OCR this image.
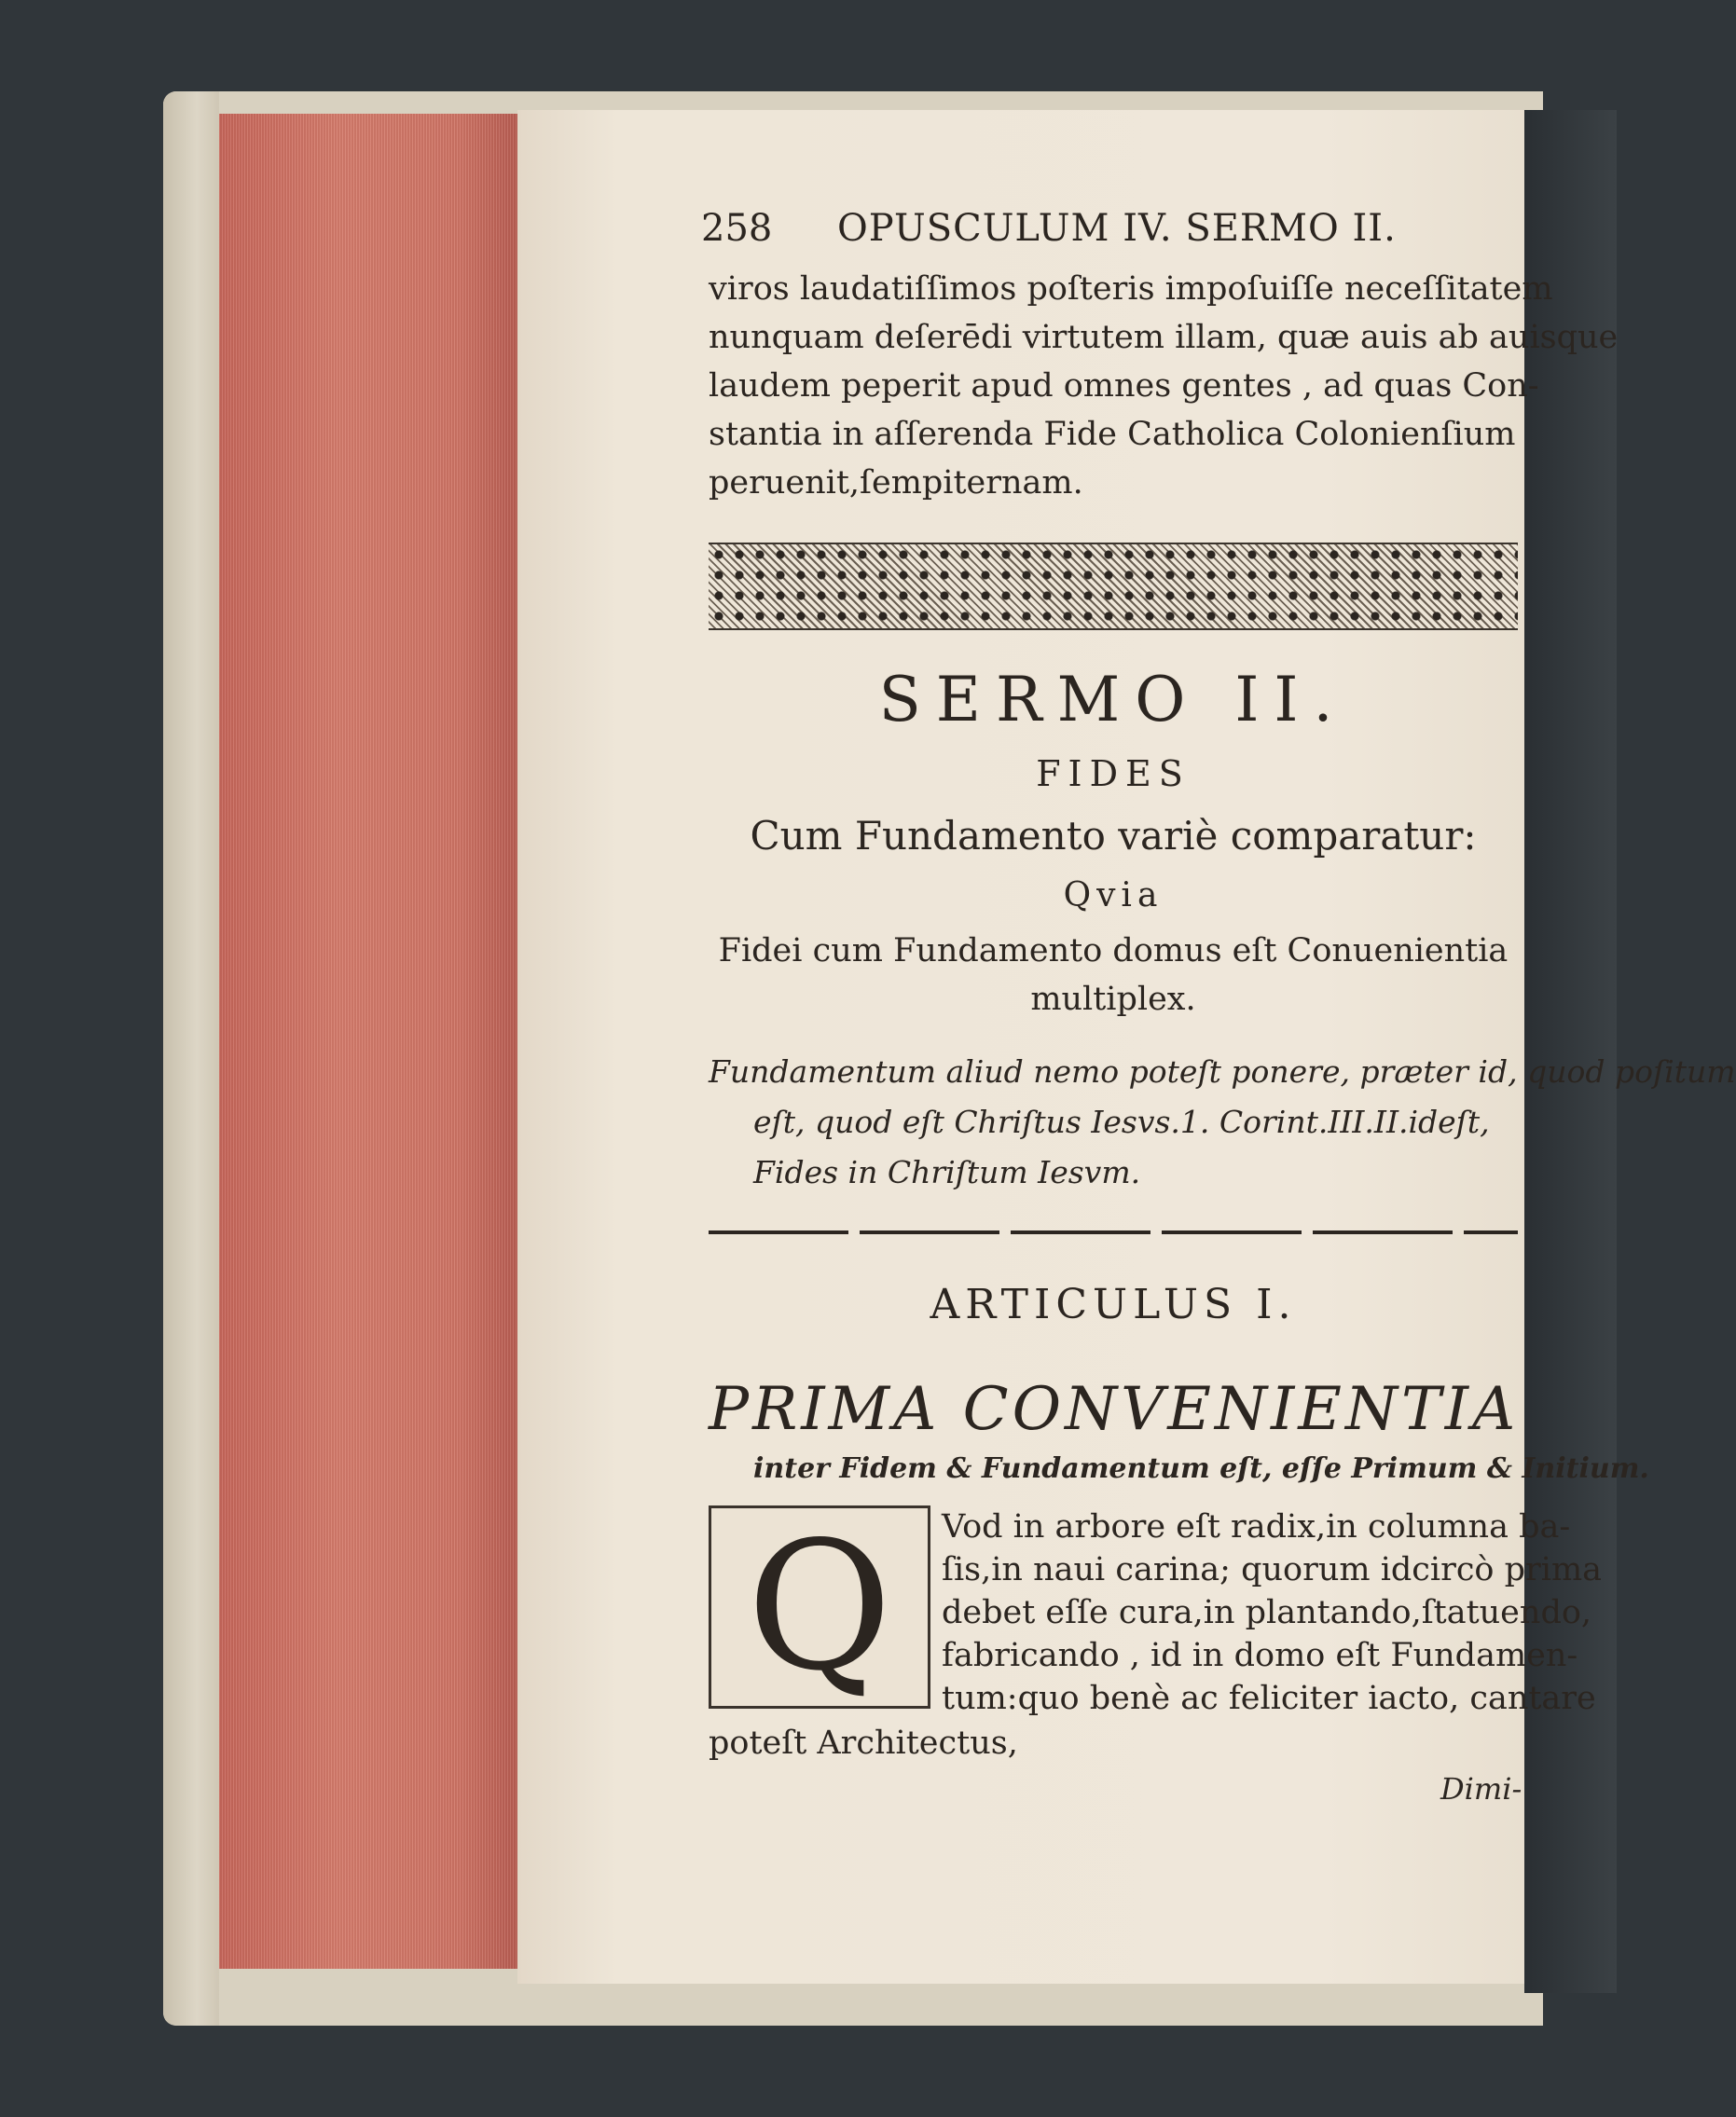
258 OPUSCULUM IV. SERMO II.
viros laudatiſſimos poſteris impoſuiſſe neceſſitatem
nunquam deſerēdi virtutem illam, quæ auis ab auisque
laudem peperit apud omnes gentes , ad quas Con-
stantia in aſſerenda Fide Catholica Colonienſium
peruenit,ſempiternam.
SERMO II.
FIDES
Cum Fundamento variè comparatur:
Qvia
Fidei cum Fundamento domus eſt Conuenientia
multiplex.
Fundamentum aliud nemo poteſt ponere, præter id, quod poſitum
eſt, quod eſt Chriſtus Iesvs.1. Corint.III.II.ideſt,
Fides in Chriſtum Iesvm.
ARTICULUS I.
PRIMA CONVENIENTIA
inter Fidem & Fundamentum eſt, eſſe Primum & Initium.
Q	Vod in arbore eſt radix,in columna ba-
ſis,in naui carina; quorum idcircò prima
debet eſſe cura,in plantando,ſtatuendo,
fabricando , id in domo eſt Fundamen-
tum:quo benè ac feliciter iacto, cantare
poteſt Architectus,
Dimi-
